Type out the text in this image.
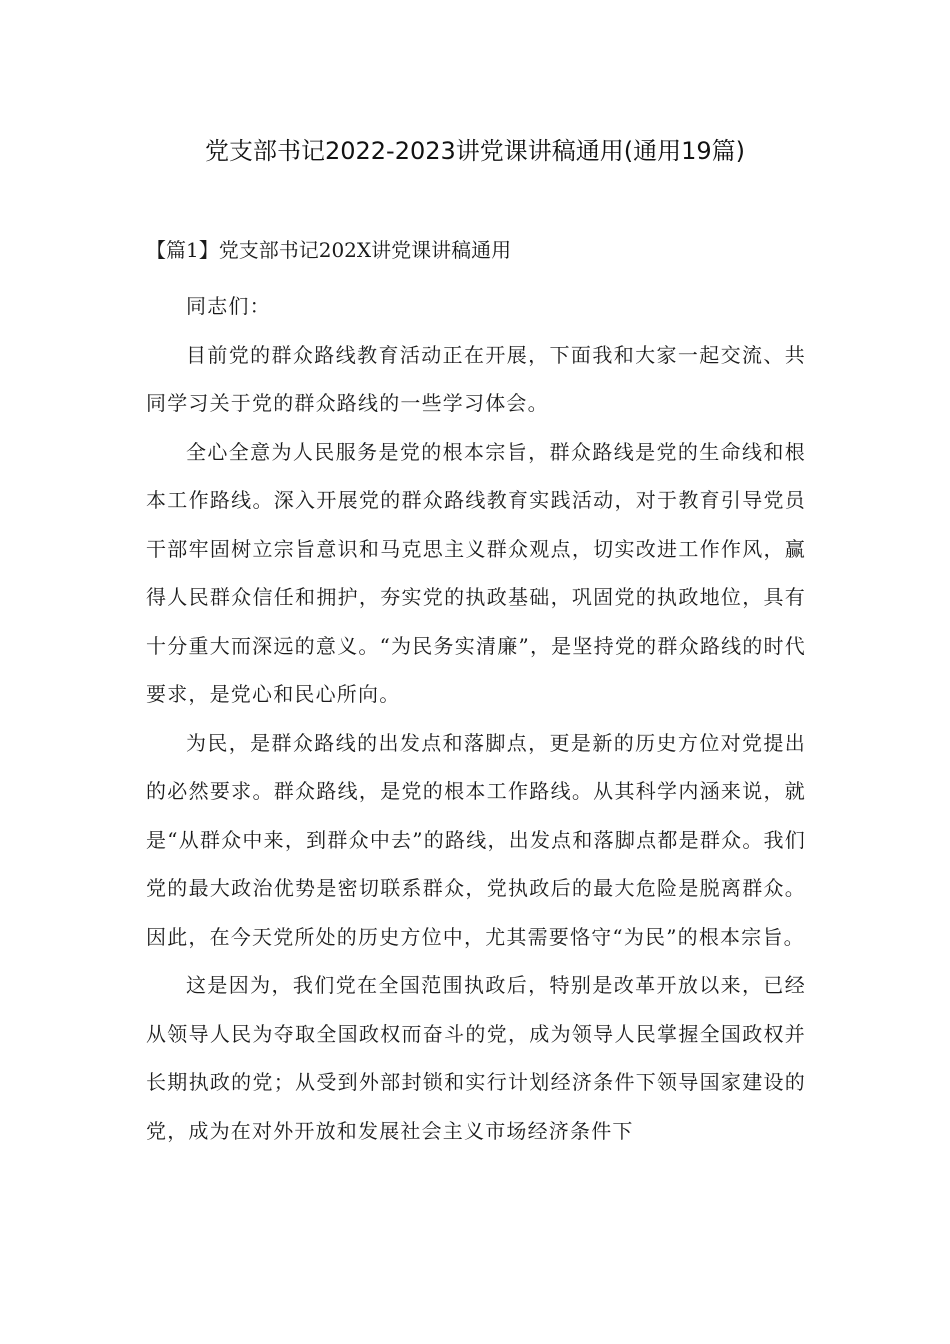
党支部书记2022-2023讲党课讲稿通用(通用19篇)
【篇1】党支部书记202X讲党课讲稿通用

同志们：

目前党的群众路线教育活动正在开展，下面我和大家一起交流、共同学习关于党的群众路线的一些学习体会。

全心全意为人民服务是党的根本宗旨，群众路线是党的生命线和根本工作路线。深入开展党的群众路线教育实践活动，对于教育引导党员干部牢固树立宗旨意识和马克思主义群众观点，切实改进工作作风，赢得人民群众信任和拥护，夯实党的执政基础，巩固党的执政地位，具有十分重大而深远的意义。“为民务实清廉”，是坚持党的群众路线的时代要求，是党心和民心所向。

为民，是群众路线的出发点和落脚点，更是新的历史方位对党提出的必然要求。群众路线，是党的根本工作路线。从其科学内涵来说，就是“从群众中来，到群众中去”的路线，出发点和落脚点都是群众。我们党的最大政治优势是密切联系群众，党执政后的最大危险是脱离群众。因此，在今天党所处的历史方位中，尤其需要恪守“为民”的根本宗旨。

这是因为，我们党在全国范围执政后，特别是改革开放以来，已经从领导人民为夺取全国政权而奋斗的党，成为领导人民掌握全国政权并长期执政的党；从受到外部封锁和实行计划经济条件下领导国家建设的党，成为在对外开放和发展社会主义市场经济条件下
